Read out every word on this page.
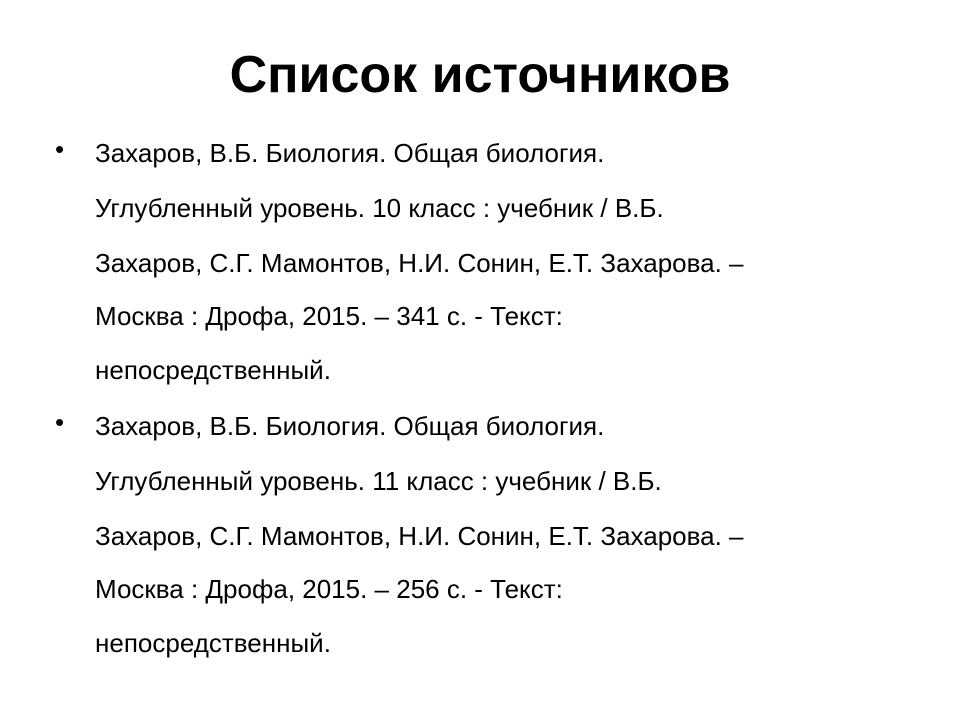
Список источников
• Захаров, В.Б. Биология. Общая биология.
Углубленный уровень. 10 класс : учебник / В.Б.
Захаров, С.Г. Мамонтов, Н.И. Сонин, Е.Т. Захарова. –
Москва : Дрофа, 2015. – 341 с. - Текст:
непосредственный.
• Захаров, В.Б. Биология. Общая биология.
Углубленный уровень. 11 класс : учебник / В.Б.
Захаров, С.Г. Мамонтов, Н.И. Сонин, Е.Т. Захарова. –
Москва : Дрофа, 2015. – 256 с. - Текст:
непосредственный.
